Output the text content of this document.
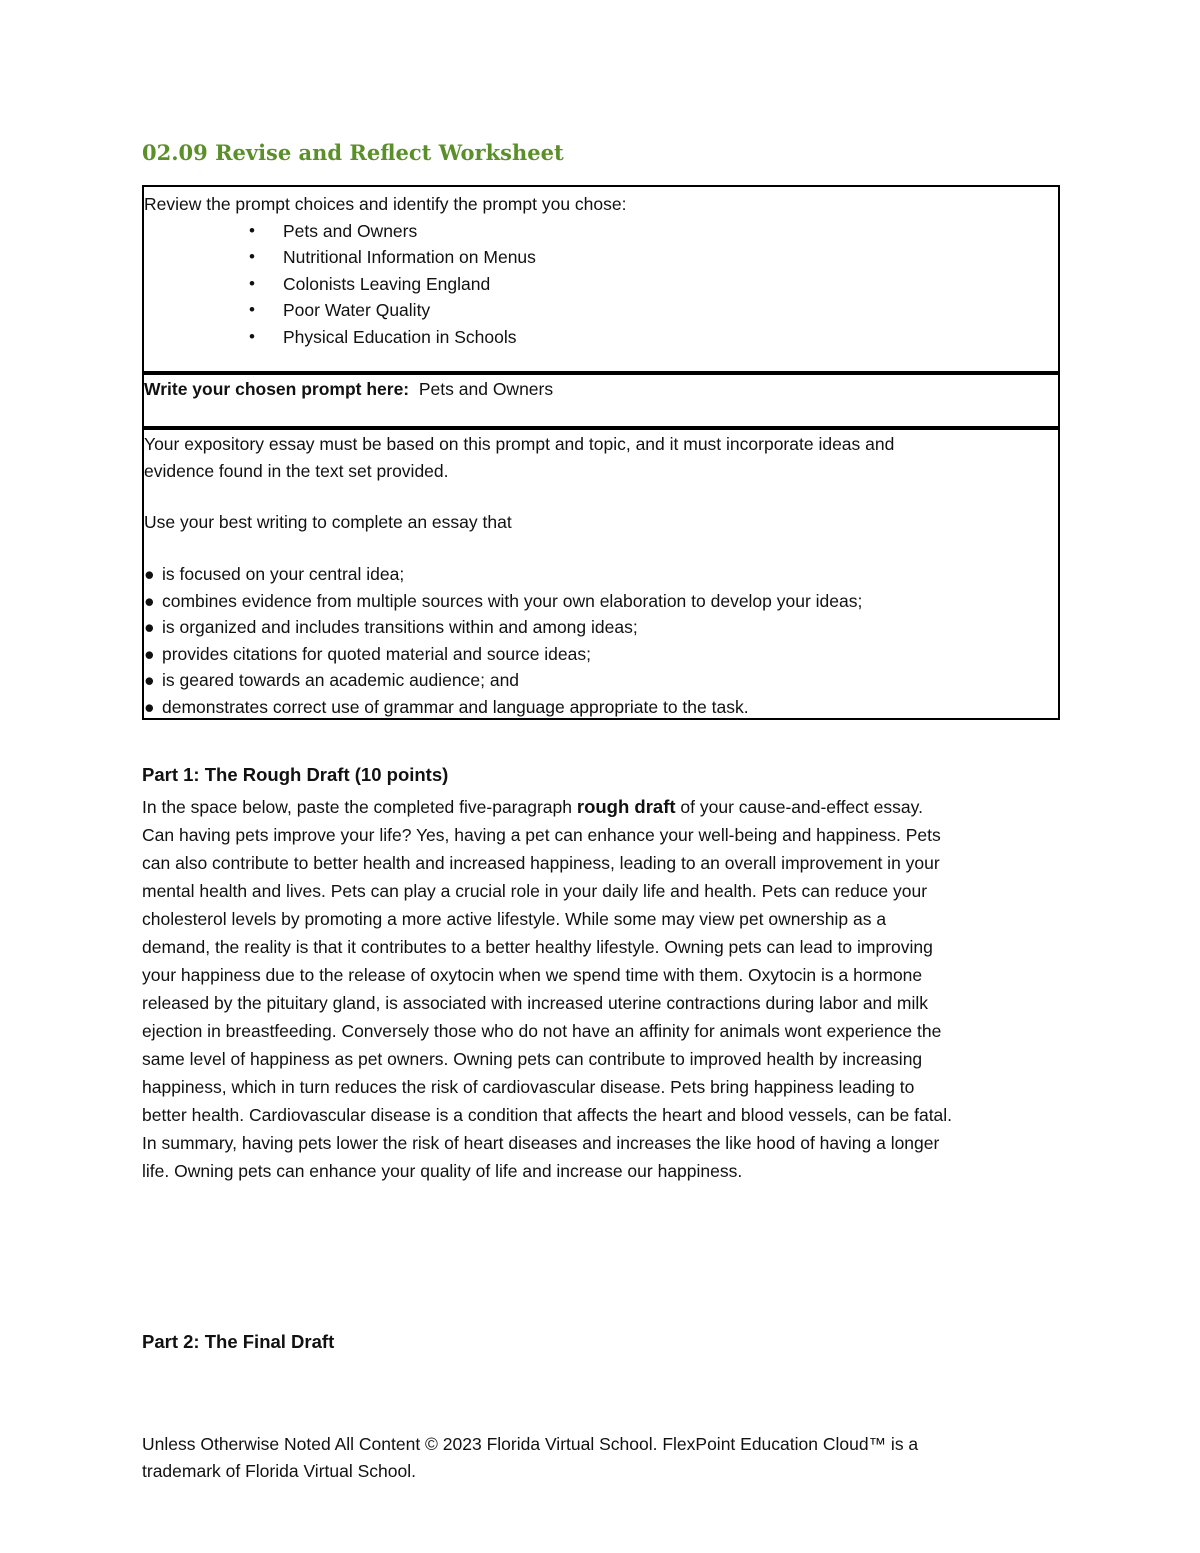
02.09 Revise and Reflect Worksheet
Review the prompt choices and identify the prompt you chose:
• Pets and Owners
• Nutritional Information on Menus
• Colonists Leaving England
• Poor Water Quality
• Physical Education in Schools
Write your chosen prompt here: Pets and Owners
Your expository essay must be based on this prompt and topic, and it must incorporate ideas and
evidence found in the text set provided.
Use your best writing to complete an essay that
● is focused on your central idea;
● combines evidence from multiple sources with your own elaboration to develop your ideas;
● is organized and includes transitions within and among ideas;
● provides citations for quoted material and source ideas;
● is geared towards an academic audience; and
● demonstrates correct use of grammar and language appropriate to the task.
Part 1: The Rough Draft (10 points)
In the space below, paste the completed five-paragraph rough draft of your cause-and-effect essay.
Can having pets improve your life? Yes, having a pet can enhance your well-being and happiness. Pets
can also contribute to better health and increased happiness, leading to an overall improvement in your
mental health and lives. Pets can play a crucial role in your daily life and health. Pets can reduce your
cholesterol levels by promoting a more active lifestyle. While some may view pet ownership as a
demand, the reality is that it contributes to a better healthy lifestyle. Owning pets can lead to improving
your happiness due to the release of oxytocin when we spend time with them. Oxytocin is a hormone
released by the pituitary gland, is associated with increased uterine contractions during labor and milk
ejection in breastfeeding. Conversely those who do not have an affinity for animals wont experience the
same level of happiness as pet owners. Owning pets can contribute to improved health by increasing
happiness, which in turn reduces the risk of cardiovascular disease. Pets bring happiness leading to
better health. Cardiovascular disease is a condition that affects the heart and blood vessels, can be fatal.
In summary, having pets lower the risk of heart diseases and increases the like hood of having a longer
life. Owning pets can enhance your quality of life and increase our happiness.
Part 2: The Final Draft
Unless Otherwise Noted All Content © 2023 Florida Virtual School. FlexPoint Education Cloud™ is a
trademark of Florida Virtual School.
